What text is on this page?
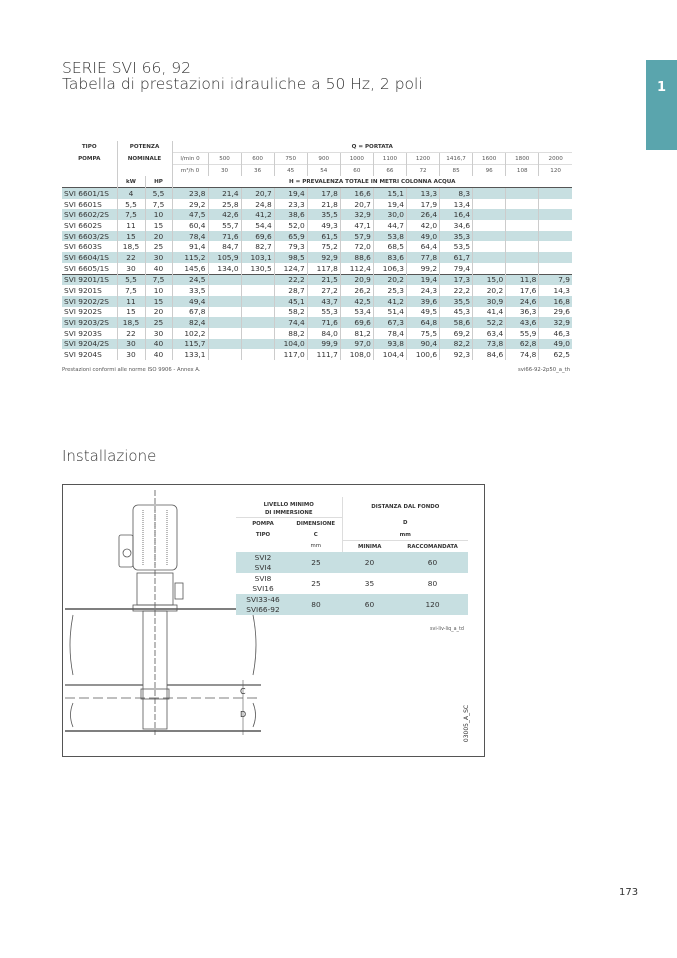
SERIE SVI 66, 92
Tabella di prestazioni idrauliche a 50 Hz, 2 poli	1
TIPO	POTENZA		Q = PORTATA											
POMPA	NOMINALE		l/min 0	500	600	750	900	1000	1100	1200	1416,7	1600	1800	2000
			m³/h 0	30	36	45	54	60	66	72	85	96	108	120
	kW	HP	H = PREVALENZA TOTALE IN METRI COLONNA ACQUA											
SVI 6601/1S	4	5,5	23,8	21,4	20,7	19,4	17,8	16,6	15,1	13,3	8,3			
SVI 6601S	5,5	7,5	29,2	25,8	24,8	23,3	21,8	20,7	19,4	17,9	13,4			
SVI 6602/2S	7,5	10	47,5	42,6	41,2	38,6	35,5	32,9	30,0	26,4	16,4			
SVI 6602S	11	15	60,4	55,7	54,4	52,0	49,3	47,1	44,7	42,0	34,6			
SVI 6603/2S	15	20	78,4	71,6	69,6	65,9	61,5	57,9	53,8	49,0	35,3			
SVI 6603S	18,5	25	91,4	84,7	82,7	79,3	75,2	72,0	68,5	64,4	53,5			
SVI 6604/1S	22	30	115,2	105,9	103,1	98,5	92,9	88,6	83,6	77,8	61,7			
SVI 6605/1S	30	40	145,6	134,0	130,5	124,7	117,8	112,4	106,3	99,2	79,4			
SVI 9201/1S	5,5	7,5	24,5			22,2	21,5	20,9	20,2	19,4	17,3	15,0	11,8	7,9
SVI 9201S	7,5	10	33,5			28,7	27,2	26,2	25,3	24,3	22,2	20,2	17,6	14,3
SVI 9202/2S	11	15	49,4			45,1	43,7	42,5	41,2	39,6	35,5	30,9	24,6	16,8
SVI 9202S	15	20	67,8			58,2	55,3	53,4	51,4	49,5	45,3	41,4	36,3	29,6
SVI 9203/2S	18,5	25	82,4			74,4	71,6	69,6	67,3	64,8	58,6	52,2	43,6	32,9
SVI 9203S	22	30	102,2			88,2	84,0	81,2	78,4	75,5	69,2	63,4	55,9	46,3
SVI 9204/2S	30	40	115,7			104,0	99,9	97,0	93,8	90,4	82,2	73,8	62,8	49,0
SVI 9204S	30	40	133,1			117,0	111,7	108,0	104,4	100,6	92,3	84,6	74,8	62,5
Prestazioni conformi alle norme ISO 9906 - Annex A.	svi66-92-2p50_a_th
Installazione
C
D
LIVELLO MINIMO
DI IMMERSIONE		DISTANZA DAL FONDO	
POMPA	DIMENSIONE	D	
TIPO	C	mm	
	mm	MINIMA	RACCOMANDATA

SVI2
SVI4	25	20	60

SVI8
SVI16	25	35	80

SVI33-46
SVI66-92	80	60	120
svi-liv-liq_a_td
03005_A_SC
173
